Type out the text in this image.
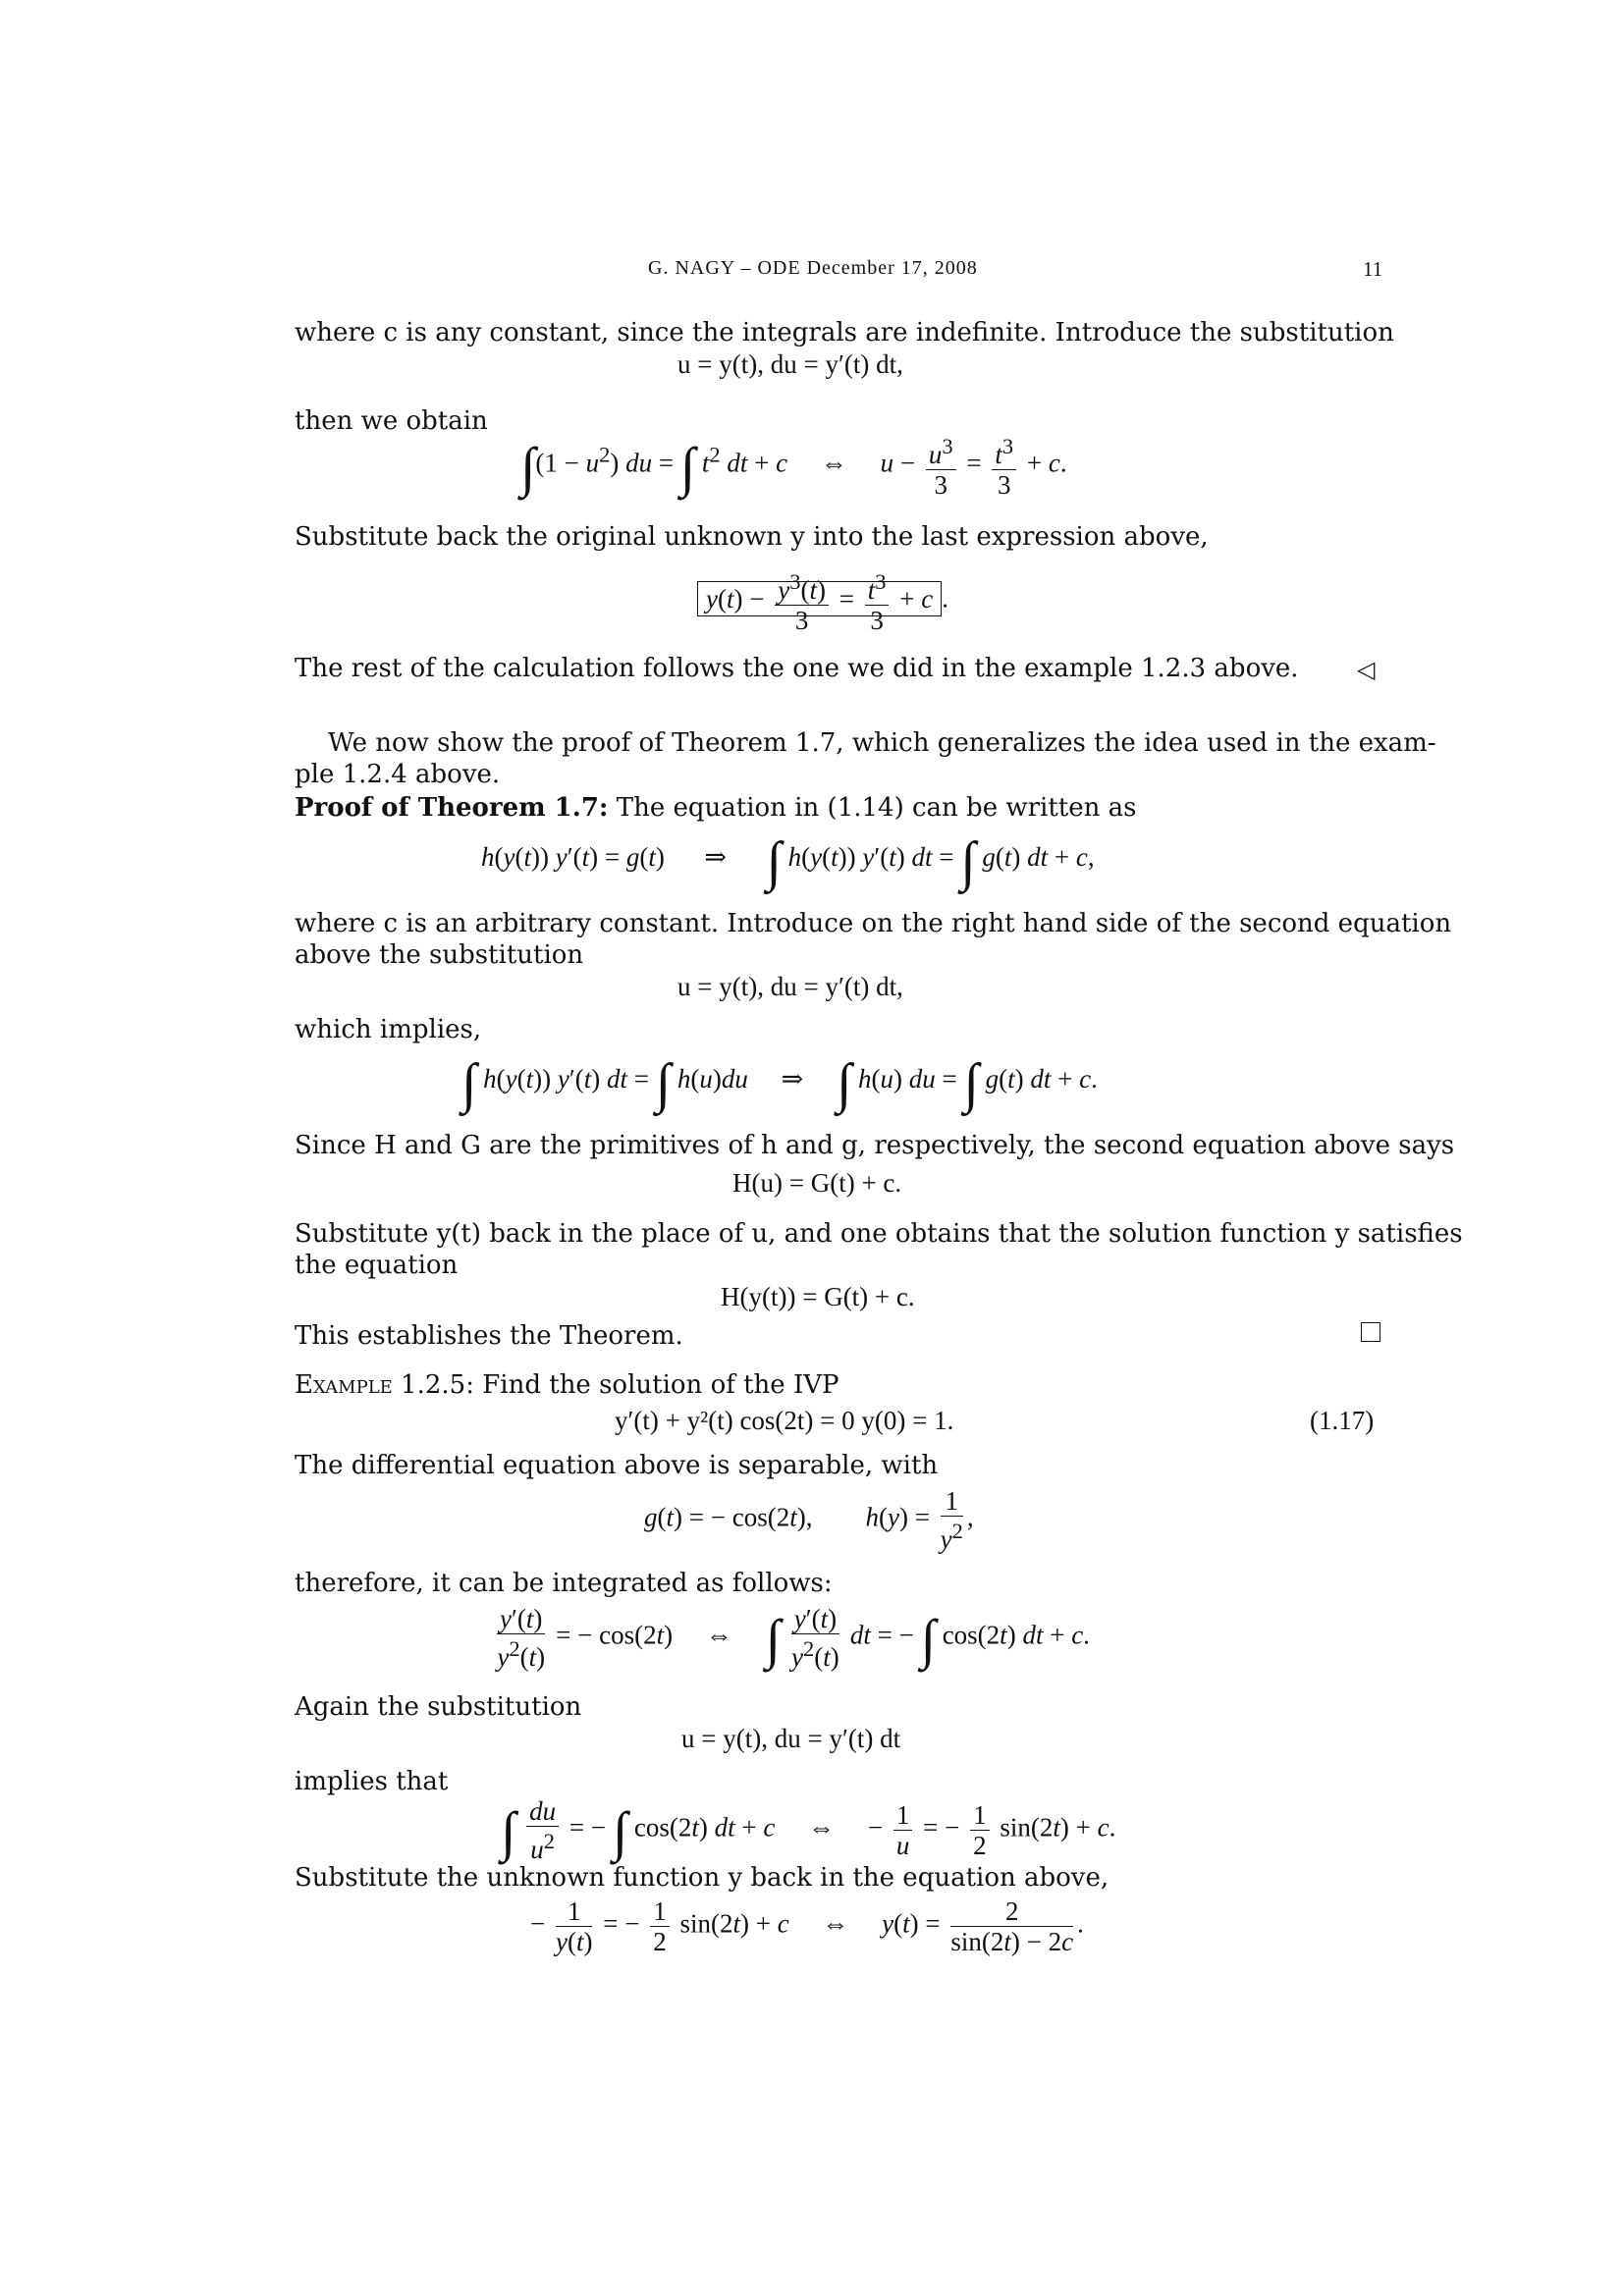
G. NAGY – ODE December 17, 2008	11
where c is any constant, since the integrals are indefinite. Introduce the substitution
u = y(t), du = y′(t) dt,
then we obtain
$\int(1 - u^2)$ du = ∫ $t^2$ dt + c     ⇔     $u - \frac{u^3}{3} = \frac{t^3}{3} + c$.
Substitute back the original unknown y into the last expression above,
$y(t) - \frac{y^3(t)}{3} = \frac{t^3}{3} + c$ .
The rest of the calculation follows the one we did in the example 1.2.3 above. ◁
We now show the proof of Theorem 1.7, which generalizes the idea used in the exam-
ple 1.2.4 above.
Proof of Theorem 1.7: The equation in (1.14) can be written as
h(y(t)) y′(t) = g(t)      ⇒      ∫ h(y(t)) y′(t) dt = ∫ g(t) dt + c,
where c is an arbitrary constant. Introduce on the right hand side of the second equation
above the substitution
u = y(t), du = y′(t) dt,
which implies,
∫ h(y(t)) y′(t) dt = ∫ h(u)du     ⇒     ∫ h(u) du = ∫ g(t) dt + c.
Since H and G are the primitives of h and g, respectively, the second equation above says
H(u) = G(t) + c.
Substitute y(t) back in the place of u, and one obtains that the solution function y satisfies
the equation
H(y(t)) = G(t) + c.
This establishes the Theorem.
Example 1.2.5: Find the solution of the IVP
y′(t) + y²(t) cos(2t) = 0 y(0) = 1.	(1.17)
The differential equation above is separable, with
g(t) = − cos(2t),        $h(y) = \frac{1}{y^2}$ ,
therefore, it can be integrated as follows:
$\frac{y'(t)}{y^2(t)}$ = − cos(2t)     ⇔     ∫ $\frac{y'(t)}{y^2(t)}$ dt = − ∫ cos(2t) dt + c.
Again the substitution
u = y(t), du = y′(t) dt
implies that
∫ $\frac{du}{u^2}$ = − ∫ cos(2t) dt + c     ⇔     − $\frac{1}{u}$ = − $\frac{1}{2} \sin(2t) + c$.
Substitute the unknown function y back in the equation above,
− $\frac{1}{y(t)}$ = − $\frac{1}{2} \sin(2t) + c$     ⇔     $y(t) = \frac{2}{\sin(2t) - 2c}$ .
